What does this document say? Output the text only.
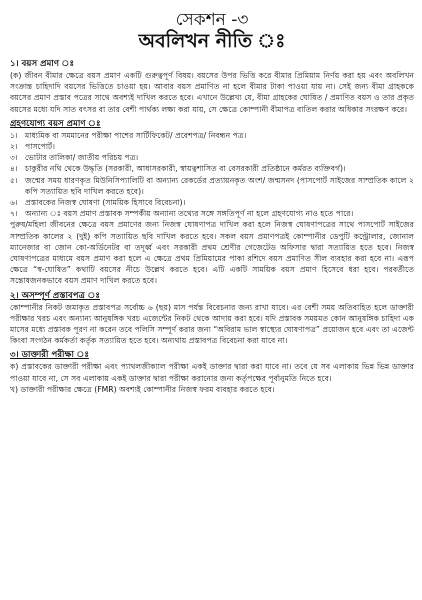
সেকশন -৩
অবলিখন নীতি ঃ
১। বয়স প্রমাণ ঃ

(ক) জীবন বীমার ক্ষেত্রে বয়স প্রমাণ একটি গুরুত্বপূর্ণ বিষয়। বয়সের উপর ভিত্তি করে বীমার প্রিমিয়াম নির্ণয় করা হয় এবং অবলিখন সংক্রান্ত চাহিদাদি বয়সের ভিত্তিতে চাওয়া হয়। আবার বয়স প্রমাণিত না হলে বীমার টাকা পাওয়া যায় না। সেই জন্য বীমা গ্রাহককে বয়সের প্রমাণ প্রস্তাব পত্রের সাথে অবশ্যই দাখিল করতে হবে। এখানে উল্লেখ্য যে, বীমা গ্রাহকের ঘোষিত / প্রমাণিত বয়স ও তার প্রকৃত বয়সের মধ্যে যদি সাত বৎসর বা তার বেশী পার্থক্য লক্ষ্য করা যায়, সে ক্ষেত্রে কোম্পানী বীমাপত্র বাতিল করার অধিকার সংরক্ষণ করে।

গ্রহণযোগ্য বয়স প্রমাণ ঃ
১। মাধ্যমিক বা সমমানের পরীক্ষা পাশের সার্টিফিকেট/ প্রবেশপত্র/ নিবন্ধন পত্র।
২। পাসপোর্ট।
৩। ভোটার তালিকা/ জাতীয় পরিচয় পত্র।
৪। চাকুরীর নথি থেকে উদ্ধৃতি (সরকারী, আধাসরকারী, স্বায়ত্বশাসিত বা বেসরকারী প্রতিষ্ঠানে কর্মরত ব্যক্তিবর্গ)।
৫। জন্মের সময় ধারণকৃত মিউনিসিপ্যালিটি বা অন্যান্য রেকর্ডের প্রত্যায়নকৃত অংশ/ জন্মসনদ (পাসপোর্ট সাইজের সাম্প্রতিক কালে ২ কপি সত্যায়িত ছবি দাখিল করতে হবে)।
৬। প্রস্তাবকের নিজস্ব ঘোষণা (সাময়িক হিসাবে বিবেচনা)।
৭। অন্যান্য ঃ বয়স প্রমাণ প্রস্তাবক সম্পর্কীয় অন্যান্য তথ্যের সঙ্গে সঙ্গতিপূর্ণ না হলে গ্রহণযোগ্য নাও হতে পারে।

পুরুষ/মহিলা জীবনের ক্ষেত্রে বয়স প্রমাণের জন্য নিজস্ব ঘোষণাপত্র দাখিল করা হলে নিজস্ব ঘোষণাপত্রের সাথে পাসপোর্ট সাইজের সাম্প্রতিক কালের ২ (দুই) কপি সত্যায়িত ছবি দাখিল করতে হবে। সকল বয়স প্রমাণপত্রই কোম্পানীর ডেপুটি কন্ট্রোলার, জোনাল ম্যানেজার বা জোন কো-অর্ডিনেটর বা তদূর্ধ্ব এবং সরকারী প্রথম শ্রেণীর গেজেটেড অফিসার দ্বারা সত্যায়িত হতে হবে। নিজস্ব ঘোষণাপত্রের মাধ্যমে বয়স প্রমাণ করা হলে এ ক্ষেত্রে প্রথম প্রিমিয়ামের পাকা রশিদে বয়স প্রমাণিত সীল ব্যবহার করা হবে না। এরূপ ক্ষেত্রে “স্ব-ঘোষিত” কথাটি বয়সের নীচে উল্লেখ করতে হবে। এটি একটি সাময়িক বয়স প্রমাণ হিসেবে ধরা হবে। পরবর্তীতে সন্তোষজনকভাবে বয়স প্রমাণ দাখিল করতে হবে।

২। অসম্পূর্ণ প্রস্তাবপত্র ঃ

কোম্পানীর নিকট জমাকৃত প্রস্তাবপত্র সর্বোচ্চ ৬ (ছয়) মাস পর্যন্ত বিবেচনার জন্য রাখা যাবে। এর বেশী সময় অতিবাহিত হলে ডাক্তারী পরীক্ষার খরচ এবং অন্যান্য আনুষঙ্গিক খরচ এজেন্টের নিকট থেকে আদায় করা হবে। যদি প্রস্তাবক সময়মত কোন আনুষঙ্গিক চাহিদা এক মাসের মধ্যে প্রস্তাবক পূরণ না করেন তবে পলিসি সম্পূর্ণ করার জন্য “অবিরাম ভাল স্বাস্থ্যের ঘোষণাপত্র” প্রয়োজন হবে এবং তা এজেন্ট কিংবা সংগঠন কর্মকর্তা কর্তৃক সত্যায়িত হতে হবে। অন্যথায় প্রস্তাবপত্র বিবেচনা করা যাবে না।

৩। ডাক্তারী পরীক্ষা ঃ

ক) প্রস্তাবকের ডাক্তারী পরীক্ষা এবং প্যাথলজীক্যাল পরীক্ষা একই ডাক্তার দ্বারা করা যাবে না। তবে যে সব এলাকায় ভিন্ন ভিন্ন ডাক্তার পাওয়া যাবে না, সে সব এলাকায় একই ডাক্তার দ্বারা পরীক্ষা করানোর জন্য কর্তৃপক্ষের পূর্বানুমতি নিতে হবে।

খ) ডাক্তারী পরীক্ষার ক্ষেত্রে (FMR) অবশ্যই কোম্পানীর নিজস্ব ফরম ব্যবহার করতে হবে।
